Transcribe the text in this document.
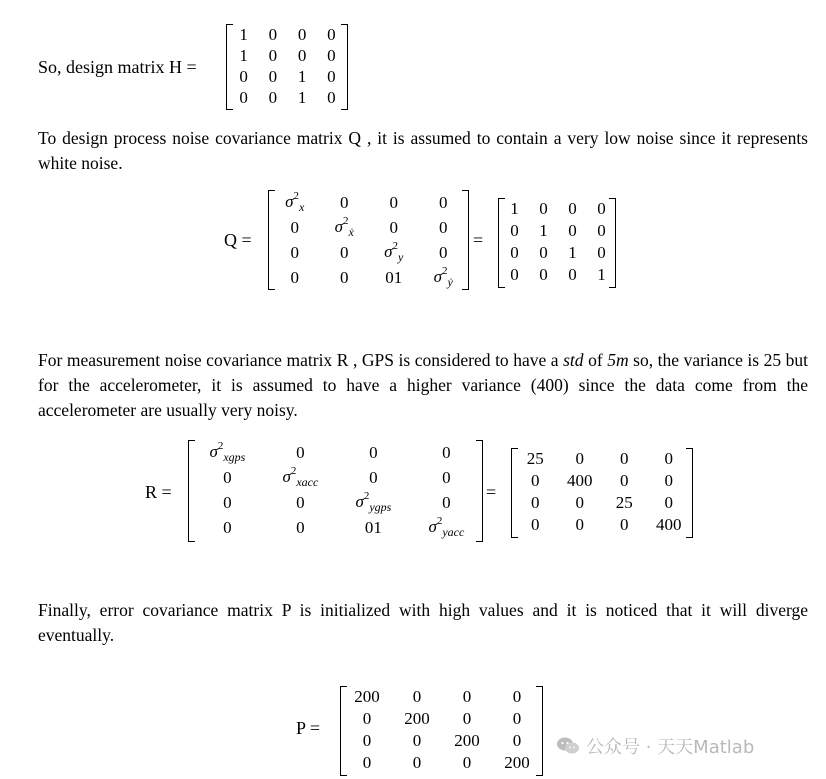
So, design matrix H =
1	0	0	0
1	0	0	0
0	0	1	0
0	0	1	0
To design process noise covariance matrix Q , it is assumed to contain a very low noise since it represents white noise.
Q =
$\sigma^2_x$	0	0	0
0	$\sigma^2_ẋ$	0	0
0	0	$\sigma^2_y$	0
0	0	01	$\sigma^2_ẏ$
=
1	0	0	0
0	1	0	0
0	0	1	0
0	0	0	1
For measurement noise covariance matrix R , GPS is considered to have a std of 5m so, the variance is 25 but for the accelerometer, it is assumed to have a higher variance (400) since the data come from the accelerometer are usually very noisy.
R =
$\sigma^2_{xgps}$	0	0	0
0	$\sigma^2_{xacc}$	0	0
0	0	$\sigma^2_{ygps}$	0
0	0	01	$\sigma^2_{yacc}$
=
25	0	0	0
0	400	0	0
0	0	25	0
0	0	0	400
Finally, error covariance matrix P is initialized with high values and it is noticed that it will diverge eventually.
P =
200	0	0	0
0	200	0	0
0	0	200	0
0	0	0	200
公众号 · 天天Matlab
